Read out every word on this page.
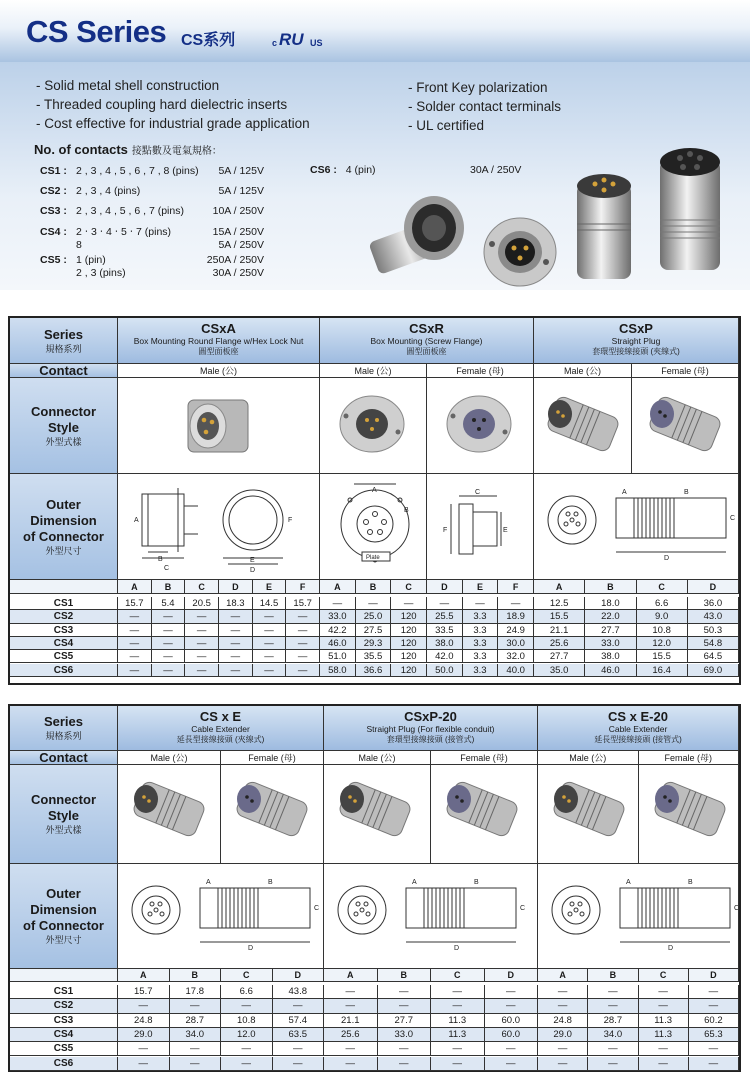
CS Series CS系列	c RU US
- Solid metal shell construction
- Threaded coupling hard dielectric inserts
- Cost effective for industrial grade application
- Front Key polarization
- Solder contact terminals
- UL certified
No. of contacts 接點數及電氣規格：
CS1 : 2 , 3 , 4 , 5 , 6 , 7 , 8 (pins)	5A / 125V
CS2 : 2 , 3 , 4 (pins)	5A / 125V
CS3 : 2 , 3 , 4 , 5 , 6 , 7 (pins)	10A / 250V
CS4 : 2 ‧ 3 ‧ 4 ‧ 5 ‧ 7 (pins)	15A / 250V
8	5A / 250V
CS5 : 1 (pin)	250A / 250V
2 , 3 (pins)	30A / 250V
CS6 : 4 (pin)	30A / 250V
Series
規格系列
Contact
Connector
Style
外型式樣
Outer
Dimension
of Connector
外型尺寸
CSxA
Box Mounting Round Flange w/Hex Lock Nut
圓型面板座
CSxR
Box Mounting (Screw Flange)
圓型面板座
CSxP
Straight Plug
套環型接線接頭 (夾線式)
Male (公)	Male (公)	Female (母)	Male (公)	Female (母)
B
C
E
D
A	F
A
Plate
B
F
C
E
D
C
A	B
A	B	C	D	E	F	A	B	C	D	E	F	A	B	C	D
CS1	15.7	5.4	20.5	18.3	14.5	15.7	—	—	—	—	—	—	12.5	18.0	6.6	36.0
CS2	—	—	—	—	—	—	33.0	25.0	120	25.5	3.3	18.9	15.5	22.0	9.0	43.0
CS3	—	—	—	—	—	—	42.2	27.5	120	33.5	3.3	24.9	21.1	27.7	10.8	50.3
CS4	—	—	—	—	—	—	46.0	29.3	120	38.0	3.3	30.0	25.6	33.0	12.0	54.8
CS5	—	—	—	—	—	—	51.0	35.5	120	42.0	3.3	32.0	27.7	38.0	15.5	64.5
CS6	—	—	—	—	—	—	58.0	36.6	120	50.0	3.3	40.0	35.0	46.0	16.4	69.0
Series
規格系列
Contact
Connector
Style
外型式樣
Outer
Dimension
of Connector
外型尺寸
CS x E
Cable Extender
延長型接線接頭 (夾線式)
CSxP-20
Straight Plug (For flexible conduit)
套環型接線接頭 (接管式)
CS x E-20
Cable Extender
延長型接線接頭 (接管式)
Male (公)	Female (母)
D
C
A	B
A	B	C	D
Male (公)	Female (母)
D
C
A	B
A	B	C	D
Male (公)	Female (母)
D
C
A	B
A	B	C	D
CS1	15.7	17.8	6.6	43.8	—	—	—	—	—	—	—	—
CS2	—	—	—	—	—	—	—	—	—	—	—	—
CS3	24.8	28.7	10.8	57.4	21.1	27.7	11.3	60.0	24.8	28.7	11.3	60.2
CS4	29.0	34.0	12.0	63.5	25.6	33.0	11.3	60.0	29.0	34.0	11.3	65.3
CS5	—	—	—	—	—	—	—	—	—	—	—	—
CS6	—	—	—	—	—	—	—	—	—	—	—	—
